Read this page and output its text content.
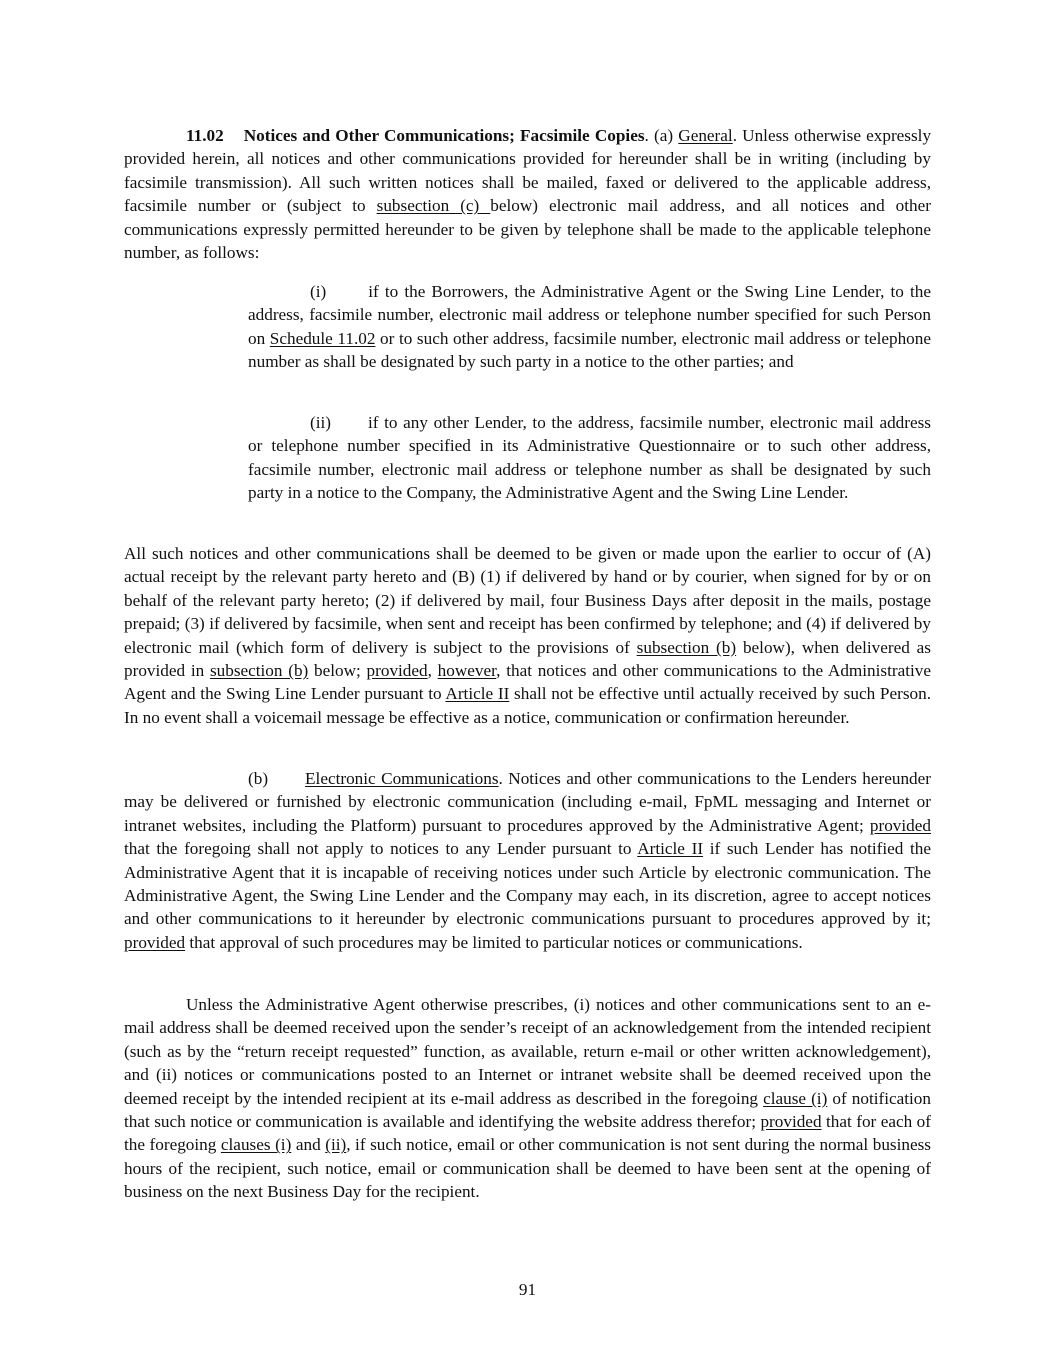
11.02 Notices and Other Communications; Facsimile Copies. (a) General. Unless otherwise expressly provided herein, all notices and other communications provided for hereunder shall be in writing (including by facsimile transmission). All such written notices shall be mailed, faxed or delivered to the applicable address, facsimile number or (subject to subsection (c) below) electronic mail address, and all notices and other communications expressly permitted hereunder to be given by telephone shall be made to the applicable telephone number, as follows:

(i) if to the Borrowers, the Administrative Agent or the Swing Line Lender, to the address, facsimile number, electronic mail address or telephone number specified for such Person on Schedule 11.02 or to such other address, facsimile number, electronic mail address or telephone number as shall be designated by such party in a notice to the other parties; and

(ii) if to any other Lender, to the address, facsimile number, electronic mail address or telephone number specified in its Administrative Questionnaire or to such other address, facsimile number, electronic mail address or telephone number as shall be designated by such party in a notice to the Company, the Administrative Agent and the Swing Line Lender.

All such notices and other communications shall be deemed to be given or made upon the earlier to occur of (A) actual receipt by the relevant party hereto and (B) (1) if delivered by hand or by courier, when signed for by or on behalf of the relevant party hereto; (2) if delivered by mail, four Business Days after deposit in the mails, postage prepaid; (3) if delivered by facsimile, when sent and receipt has been confirmed by telephone; and (4) if delivered by electronic mail (which form of delivery is subject to the provisions of subsection (b) below), when delivered as provided in subsection (b) below; provided, however, that notices and other communications to the Administrative Agent and the Swing Line Lender pursuant to Article II shall not be effective until actually received by such Person. In no event shall a voicemail message be effective as a notice, communication or confirmation hereunder.

(b) Electronic Communications. Notices and other communications to the Lenders hereunder may be delivered or furnished by electronic communication (including e-mail, FpML messaging and Internet or intranet websites, including the Platform) pursuant to procedures approved by the Administrative Agent; provided that the foregoing shall not apply to notices to any Lender pursuant to Article II if such Lender has notified the Administrative Agent that it is incapable of receiving notices under such Article by electronic communication. The Administrative Agent, the Swing Line Lender and the Company may each, in its discretion, agree to accept notices and other communications to it hereunder by electronic communications pursuant to procedures approved by it; provided that approval of such procedures may be limited to particular notices or communications.

Unless the Administrative Agent otherwise prescribes, (i) notices and other communications sent to an e-mail address shall be deemed received upon the sender’s receipt of an acknowledgement from the intended recipient (such as by the “return receipt requested” function, as available, return e-mail or other written acknowledgement), and (ii) notices or communications posted to an Internet or intranet website shall be deemed received upon the deemed receipt by the intended recipient at its e-mail address as described in the foregoing clause (i) of notification that such notice or communication is available and identifying the website address therefor; provided that for each of the foregoing clauses (i) and (ii), if such notice, email or other communication is not sent during the normal business hours of the recipient, such notice, email or communication shall be deemed to have been sent at the opening of business on the next Business Day for the recipient.

91
